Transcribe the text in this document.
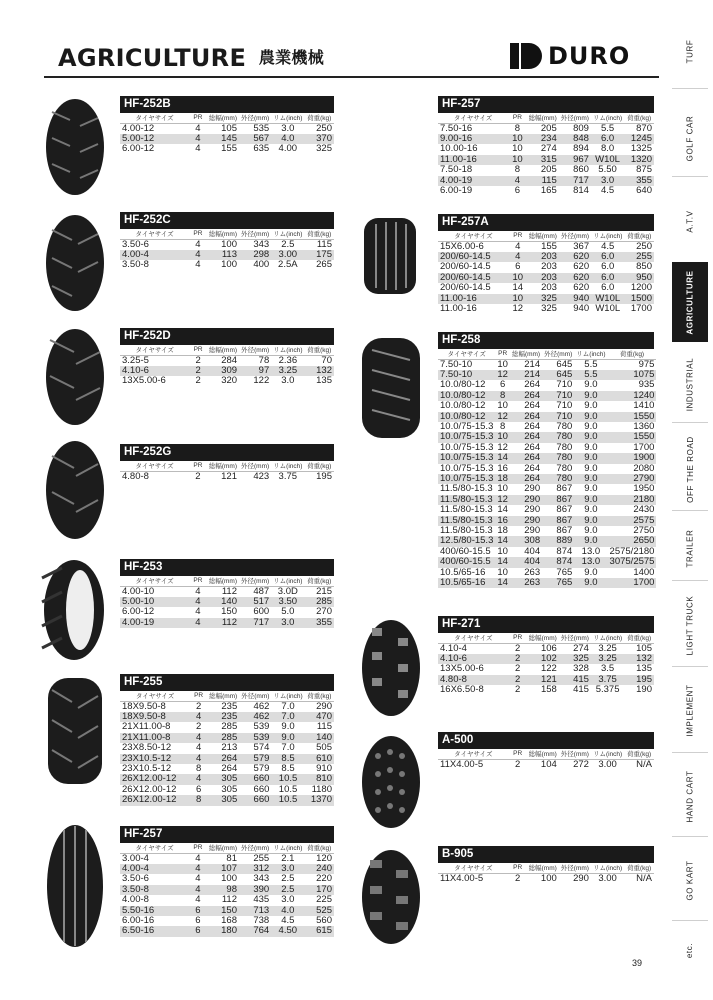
AGRICULTURE 農業機械	DURO	TURF
GOLF CAR
A.T.V
AGRICULTURE
INDUSTRIAL
OFF THE ROAD
TRAILER
LIGHT TRUCK
IMPLEMENT
HAND CART
GO KART
etc.
HF-252B
タイヤサイズ	PR	総幅(mm)	外径(mm)	リム(inch)	荷重(kg)
4.00-12	4	105	535	3.0	250
5.00-12	4	145	567	4.0	370
6.00-12	4	155	635	4.00	325
HF-252C
タイヤサイズ	PR	総幅(mm)	外径(mm)	リム(inch)	荷重(kg)
3.50-6	4	100	343	2.5	115
4.00-4	4	113	298	3.00	175
3.50-8	4	100	400	2.5A	265
HF-252D
タイヤサイズ	PR	総幅(mm)	外径(mm)	リム(inch)	荷重(kg)
3.25-5	2	284	78	2.36	70
4.10-6	2	309	97	3.25	132
13X5.00-6	2	320	122	3.0	135
HF-252G
タイヤサイズ	PR	総幅(mm)	外径(mm)	リム(inch)	荷重(kg)
4.80-8	2	121	423	3.75	195
HF-253
タイヤサイズ	PR	総幅(mm)	外径(mm)	リム(inch)	荷重(kg)
4.00-10	4	112	487	3.0D	215
5.00-10	4	140	517	3.50	285
6.00-12	4	150	600	5.0	270
4.00-19	4	112	717	3.0	355
HF-255
タイヤサイズ	PR	総幅(mm)	外径(mm)	リム(inch)	荷重(kg)
18X9.50-8	2	235	462	7.0	290
18X9.50-8	4	235	462	7.0	470
21X11.00-8	2	285	539	9.0	115
21X11.00-8	4	285	539	9.0	140
23X8.50-12	4	213	574	7.0	505
23X10.5-12	4	264	579	8.5	610
23X10.5-12	8	264	579	8.5	910
26X12.00-12	4	305	660	10.5	810
26X12.00-12	6	305	660	10.5	1180
26X12.00-12	8	305	660	10.5	1370
HF-257
タイヤサイズ	PR	総幅(mm)	外径(mm)	リム(inch)	荷重(kg)
3.00-4	4	81	255	2.1	120
4.00-4	4	107	312	3.0	240
3.50-6	4	100	343	2.5	220
3.50-8	4	98	390	2.5	170
4.00-8	4	112	435	3.0	225
5.50-16	6	150	713	4.0	525
6.00-16	6	168	738	4.5	560
6.50-16	6	180	764	4.50	615
HF-257
タイヤサイズ	PR	総幅(mm)	外径(mm)	リム(inch)	荷重(kg)
7.50-16	8	205	809	5.5	870
9.00-16	10	234	848	6.0	1245
10.00-16	10	274	894	8.0	1325
11.00-16	10	315	967	W10L	1320
7.50-18	8	205	860	5.50	875
4.00-19	4	115	717	3.0	355
6.00-19	6	165	814	4.5	640
HF-257A
タイヤサイズ	PR	総幅(mm)	外径(mm)	リム(inch)	荷重(kg)
15X6.00-6	4	155	367	4.5	250
200/60-14.5	4	203	620	6.0	255
200/60-14.5	6	203	620	6.0	850
200/60-14.5	10	203	620	6.0	950
200/60-14.5	14	203	620	6.0	1200
11.00-16	10	325	940	W10L	1500
11.00-16	12	325	940	W10L	1700
HF-258
タイヤサイズ	PR	総幅(mm)	外径(mm)	リム(inch)	荷重(kg)
7.50-10	10	214	645	5.5	975
7.50-10	12	214	645	5.5	1075
10.0/80-12	6	264	710	9.0	935
10.0/80-12	8	264	710	9.0	1240
10.0/80-12	10	264	710	9.0	1410
10.0/80-12	12	264	710	9.0	1550
10.0/75-15.3	8	264	780	9.0	1360
10.0/75-15.3	10	264	780	9.0	1550
10.0/75-15.3	12	264	780	9.0	1700
10.0/75-15.3	14	264	780	9.0	1900
10.0/75-15.3	16	264	780	9.0	2080
10.0/75-15.3	18	264	780	9.0	2790
11.5/80-15.3	10	290	867	9.0	1950
11.5/80-15.3	12	290	867	9.0	2180
11.5/80-15.3	14	290	867	9.0	2430
11.5/80-15.3	16	290	867	9.0	2575
11.5/80-15.3	18	290	867	9.0	2750
12.5/80-15.3	14	308	889	9.0	2650
400/60-15.5	10	404	874	13.0	2575/2180
400/60-15.5	14	404	874	13.0	3075/2575
10.5/65-16	10	263	765	9.0	1400
10.5/65-16	14	263	765	9.0	1700
HF-271
タイヤサイズ	PR	総幅(mm)	外径(mm)	リム(inch)	荷重(kg)
4.10-4	2	106	274	3.25	105
4.10-6	2	102	325	3.25	132
13X5.00-6	2	122	328	3.5	135
4.80-8	2	121	415	3.75	195
16X6.50-8	2	158	415	5.375	190
A-500
タイヤサイズ	PR	総幅(mm)	外径(mm)	リム(inch)	荷重(kg)
11X4.00-5	2	104	272	3.00	N/A
B-905
タイヤサイズ	PR	総幅(mm)	外径(mm)	リム(inch)	荷重(kg)
11X4.00-5	2	100	290	3.00	N/A
39
